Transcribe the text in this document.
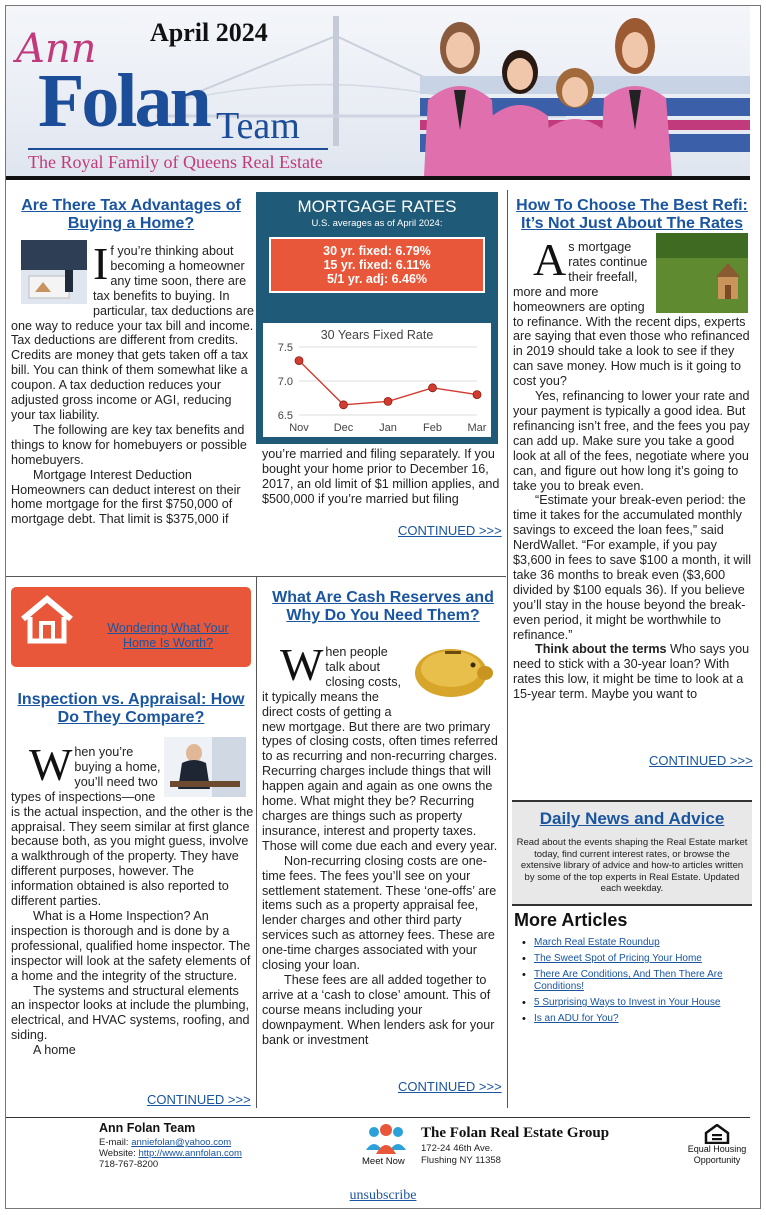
Ann
Folan Team
The Royal Family of Queens Real Estate
April 2024
Are There Tax Advantages of Buying a Home?
If you’re thinking about becoming a homeowner any time soon, there are tax benefits to buying. In particular, tax deductions are one way to reduce your tax bill and income. Tax deductions are different from credits. Credits are money that gets taken off a tax bill. You can think of them somewhat like a coupon. A tax deduction reduces your adjusted gross income or AGI, reducing your tax liability.

The following are key tax benefits and things to know for homebuyers or possible homebuyers.

Mortgage Interest Deduction Homeowners can deduct interest on their home mortgage for the first $750,000 of mortgage debt. That limit is $375,000 if

MORTGAGE RATES
U.S. averages as of April 2024:
30 yr. fixed: 6.79%
15 yr. fixed: 6.11%
5/1 yr. adj: 6.46%
30 Years Fixed Rate
7.5
7.0
6.5
Nov Dec Jan Feb Mar
you’re married and filing separately. If you bought your home prior to December 16, 2017, an old limit of $1 million applies, and $500,000 if you’re married but filing
CONTINUED >>>
How To Choose The Best Refi: It’s Not Just About The Rates
As mortgage rates continue their freefall, more and more homeowners are opting to refinance. With the recent dips, experts are saying that even those who refinanced in 2019 should take a look to see if they can save money. How much is it going to cost you?

Yes, refinancing to lower your rate and your payment is typically a good idea. But refinancing isn’t free, and the fees you pay can add up. Make sure you take a good look at all of the fees, negotiate where you can, and figure out how long it’s going to take you to break even.

“Estimate your break-even period: the time it takes for the accumulated monthly savings to exceed the loan fees,” said NerdWallet. “For example, if you pay $3,600 in fees to save $100 a month, it will take 36 months to break even ($3,600 divided by $100 equals 36). If you believe you’ll stay in the house beyond the break-even period, it might be worthwhile to refinance.”

Think about the terms Who says you need to stick with a 30-year loan? With rates this low, it might be time to look at a 15-year term. Maybe you want to

CONTINUED >>>
Wondering What Your Home Is Worth?
Inspection vs. Appraisal: How Do They Compare?
When you’re buying a home, you’ll need two types of inspections—one is the actual inspection, and the other is the appraisal. They seem similar at first glance because both, as you might guess, involve a walkthrough of the property. They have different purposes, however. The information obtained is also reported to different parties.

What is a Home Inspection? An inspection is thorough and is done by a professional, qualified home inspector. The inspector will look at the safety elements of a home and the integrity of the structure.

The systems and structural elements an inspector looks at include the plumbing, electrical, and HVAC systems, roofing, and siding.

A home

CONTINUED >>>
What Are Cash Reserves and Why Do You Need Them?
When people talk about closing costs, it typically means the direct costs of getting a new mortgage. But there are two primary types of closing costs, often times referred to as recurring and non-recurring charges. Recurring charges include things that will happen again and again as one owns the home. What might they be? Recurring charges are things such as property insurance, interest and property taxes. Those will come due each and every year.

Non-recurring closing costs are one-time fees. The fees you’ll see on your settlement statement. These ‘one-offs’ are items such as a property appraisal fee, lender charges and other third party services such as attorney fees. These are one-time charges associated with your closing your loan.

These fees are all added together to arrive at a ‘cash to close’ amount. This of course means including your downpayment. When lenders ask for your bank or investment

CONTINUED >>>
Daily News and Advice
Read about the events shaping the Real Estate market today, find current interest rates, or browse the extensive library of advice and how-to articles written by some of the top experts in Real Estate. Updated each weekday.
More Articles
• March Real Estate Roundup
• The Sweet Spot of Pricing Your Home
• There Are Conditions, And Then There Are Conditions!
• 5 Surprising Ways to Invest in Your House
• Is an ADU for You?
Ann Folan Team
E-mail: anniefolan@yahoo.com
Website: http://www.annfolan.com
718-767-8200	Meet Now
The Folan Real Estate Group
172-24 46th Ave.
Flushing NY 11358
Equal Housing
Opportunity
unsubscribe
